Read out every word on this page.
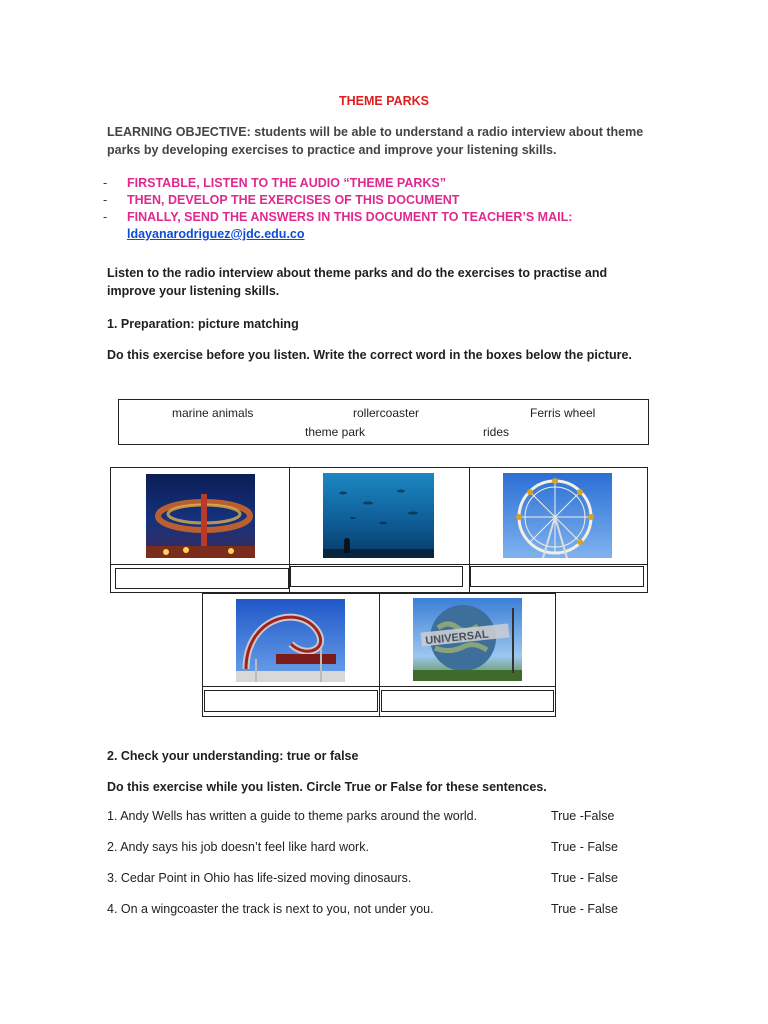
THEME PARKS
LEARNING OBJECTIVE: students will be able to understand a radio interview about theme parks by developing exercises to practice and improve your listening skills.
- FIRSTABLE, LISTEN TO THE AUDIO “THEME PARKS”
- THEN, DEVELOP THE EXERCISES OF THIS DOCUMENT
- FINALLY, SEND THE ANSWERS IN THIS DOCUMENT TO TEACHER’S MAIL:
ldayanarodriguez@jdc.edu.co
Listen to the radio interview about theme parks and do the exercises to practise and improve your listening skills.
1. Preparation: picture matching
Do this exercise before you listen. Write the correct word in the boxes below the picture.
marine animals	rollercoaster	Ferris wheel
theme park	rides
UNIVERSAL
2. Check your understanding: true or false
Do this exercise while you listen. Circle True or False for these sentences.
1. Andy Wells has written a guide to theme parks around the world.	True -False
2. Andy says his job doesn’t feel like hard work.	True - False
3. Cedar Point in Ohio has life-sized moving dinosaurs.	True - False
4. On a wingcoaster the track is next to you, not under you.	True - False
